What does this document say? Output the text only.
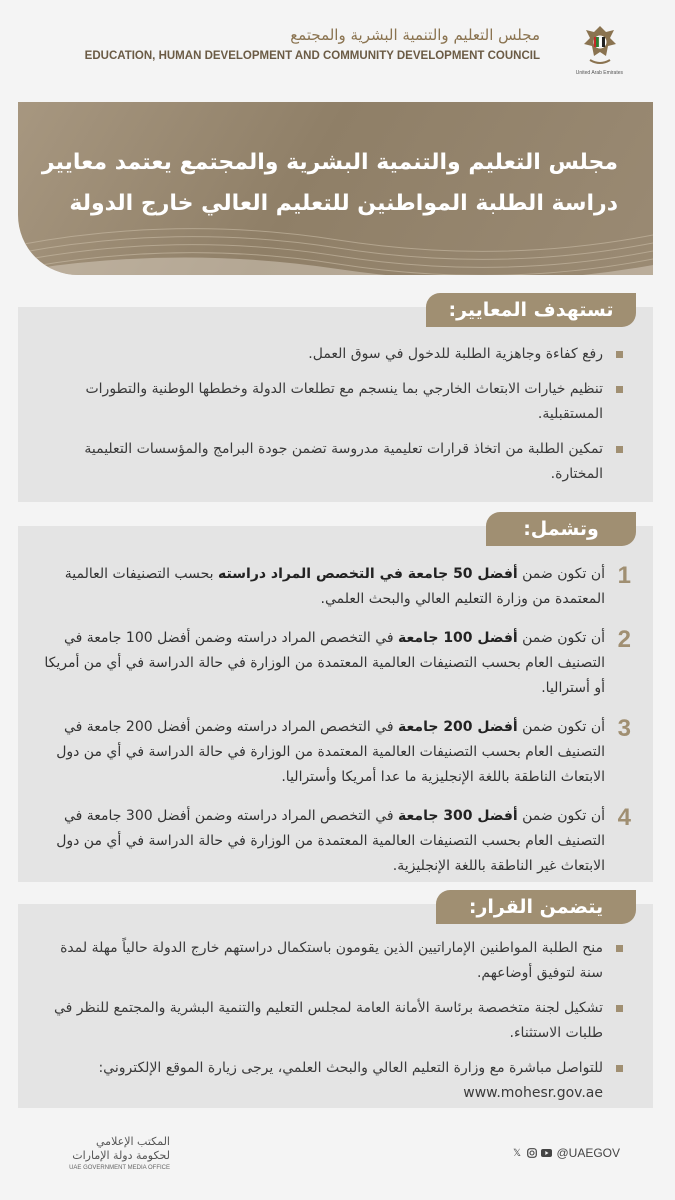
مجلس التعليم والتنمية البشرية والمجتمع
EDUCATION, HUMAN DEVELOPMENT AND COMMUNITY DEVELOPMENT COUNCIL
United Arab Emirates
مجلس التعليم والتنمية البشرية والمجتمع يعتمد معايير
دراسة الطلبة المواطنين للتعليم العالي خارج الدولة
تستهدف المعايير:
رفع كفاءة وجاهزية الطلبة للدخول في سوق العمل.
تنظيم خيارات الابتعاث الخارجي بما ينسجم مع تطلعات الدولة وخططها الوطنية والتطورات المستقبلية.
تمكين الطلبة من اتخاذ قرارات تعليمية مدروسة تضمن جودة البرامج والمؤسسات التعليمية المختارة.
وتشمل:
1
أن تكون ضمن أفضل 50 جامعة في التخصص المراد دراسته بحسب التصنيفات العالمية المعتمدة من وزارة التعليم العالي والبحث العلمي.
2
أن تكون ضمن أفضل 100 جامعة في التخصص المراد دراسته وضمن أفضل 100 جامعة في التصنيف العام بحسب التصنيفات العالمية المعتمدة من الوزارة في حالة الدراسة في أي من أمريكا أو أستراليا.
3
أن تكون ضمن أفضل 200 جامعة في التخصص المراد دراسته وضمن أفضل 200 جامعة في التصنيف العام بحسب التصنيفات العالمية المعتمدة من الوزارة في حالة الدراسة في أي من دول الابتعاث الناطقة باللغة الإنجليزية ما عدا أمريكا وأستراليا.
4
أن تكون ضمن أفضل 300 جامعة في التخصص المراد دراسته وضمن أفضل 300 جامعة في التصنيف العام بحسب التصنيفات العالمية المعتمدة من الوزارة في حالة الدراسة في أي من دول الابتعاث غير الناطقة باللغة الإنجليزية.
يتضمن القرار:
منح الطلبة المواطنين الإماراتيين الذين يقومون باستكمال دراستهم خارج الدولة حالياً مهلة لمدة سنة لتوفيق أوضاعهم.
تشكيل لجنة متخصصة برئاسة الأمانة العامة لمجلس التعليم والتنمية البشرية والمجتمع للنظر في طلبات الاستثناء.
للتواصل مباشرة مع وزارة التعليم العالي والبحث العلمي، يرجى زيارة الموقع الإلكتروني: www.mohesr.gov.ae
المكتب الإعلامي
لحكومة دولة الإمارات
UAE GOVERNMENT MEDIA OFFICE
𝕏	@UAEGOV
